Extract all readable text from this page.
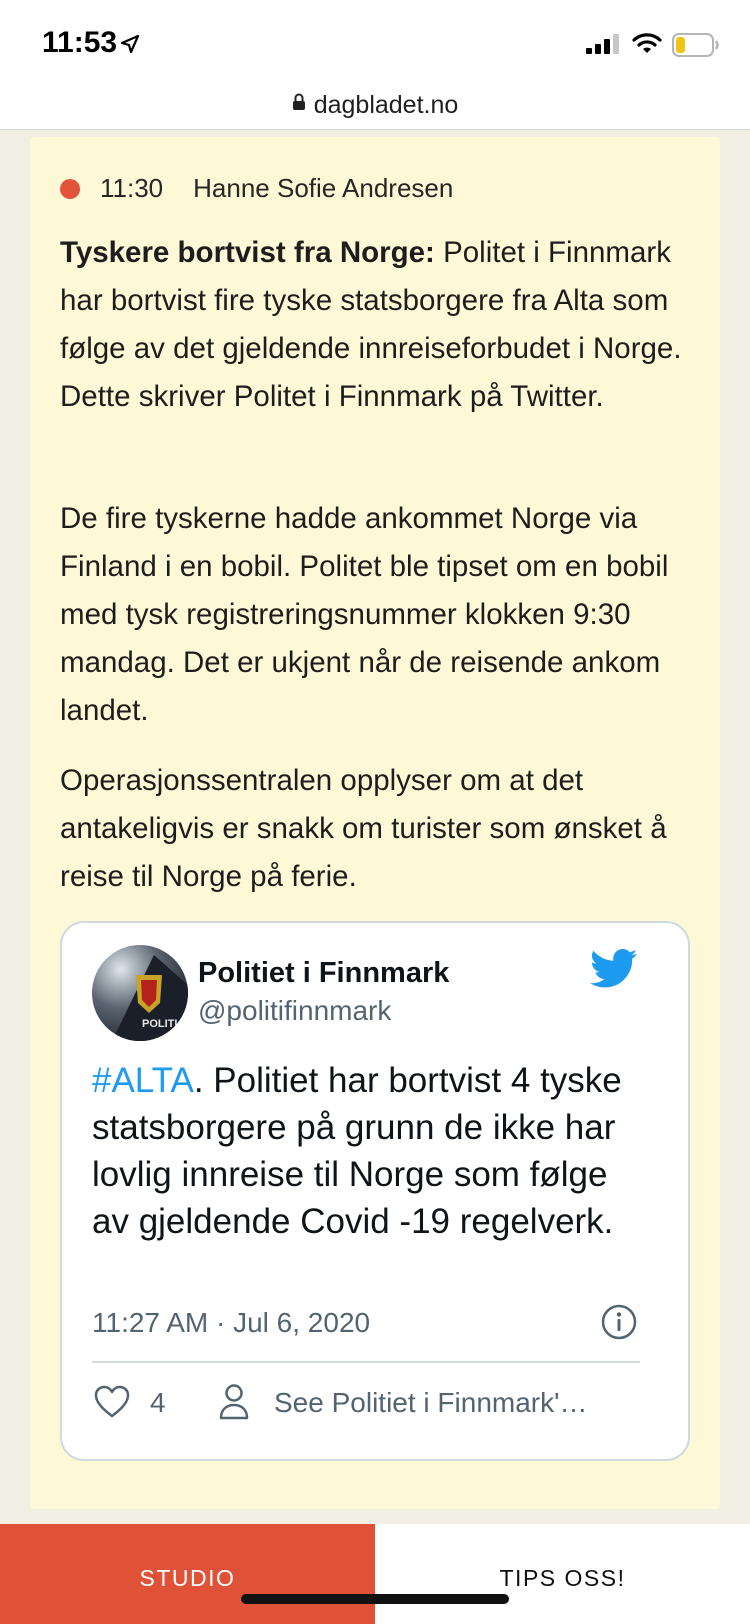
11:53
dagbladet.no
11:30 Hanne Sofie Andresen

Tyskere bortvist fra Norge: Politet i Finnmark har bortvist fire tyske statsborgere fra Alta som følge av det gjeldende innreiseforbudet i Norge. Dette skriver Politet i Finnmark på Twitter.

De fire tyskerne hadde ankommet Norge via Finland i en bobil. Politet ble tipset om en bobil med tysk registreringsnummer klokken 9:30 mandag. Det er ukjent når de reisende ankom landet.

Operasjonssentralen opplyser om at det antakeligvis er snakk om turister som ønsket å reise til Norge på ferie.

POLITI
Politiet i Finnmark
@politifinnmark

#ALTA. Politiet har bortvist 4 tyske statsborgere på grunn de ikke har lovlig innreise til Norge som følge av gjeldende Covid -19 regelverk.

11:27 AM · Jul 6, 2020
4	See Politiet i Finnmark'…
STUDIO	TIPS OSS!
